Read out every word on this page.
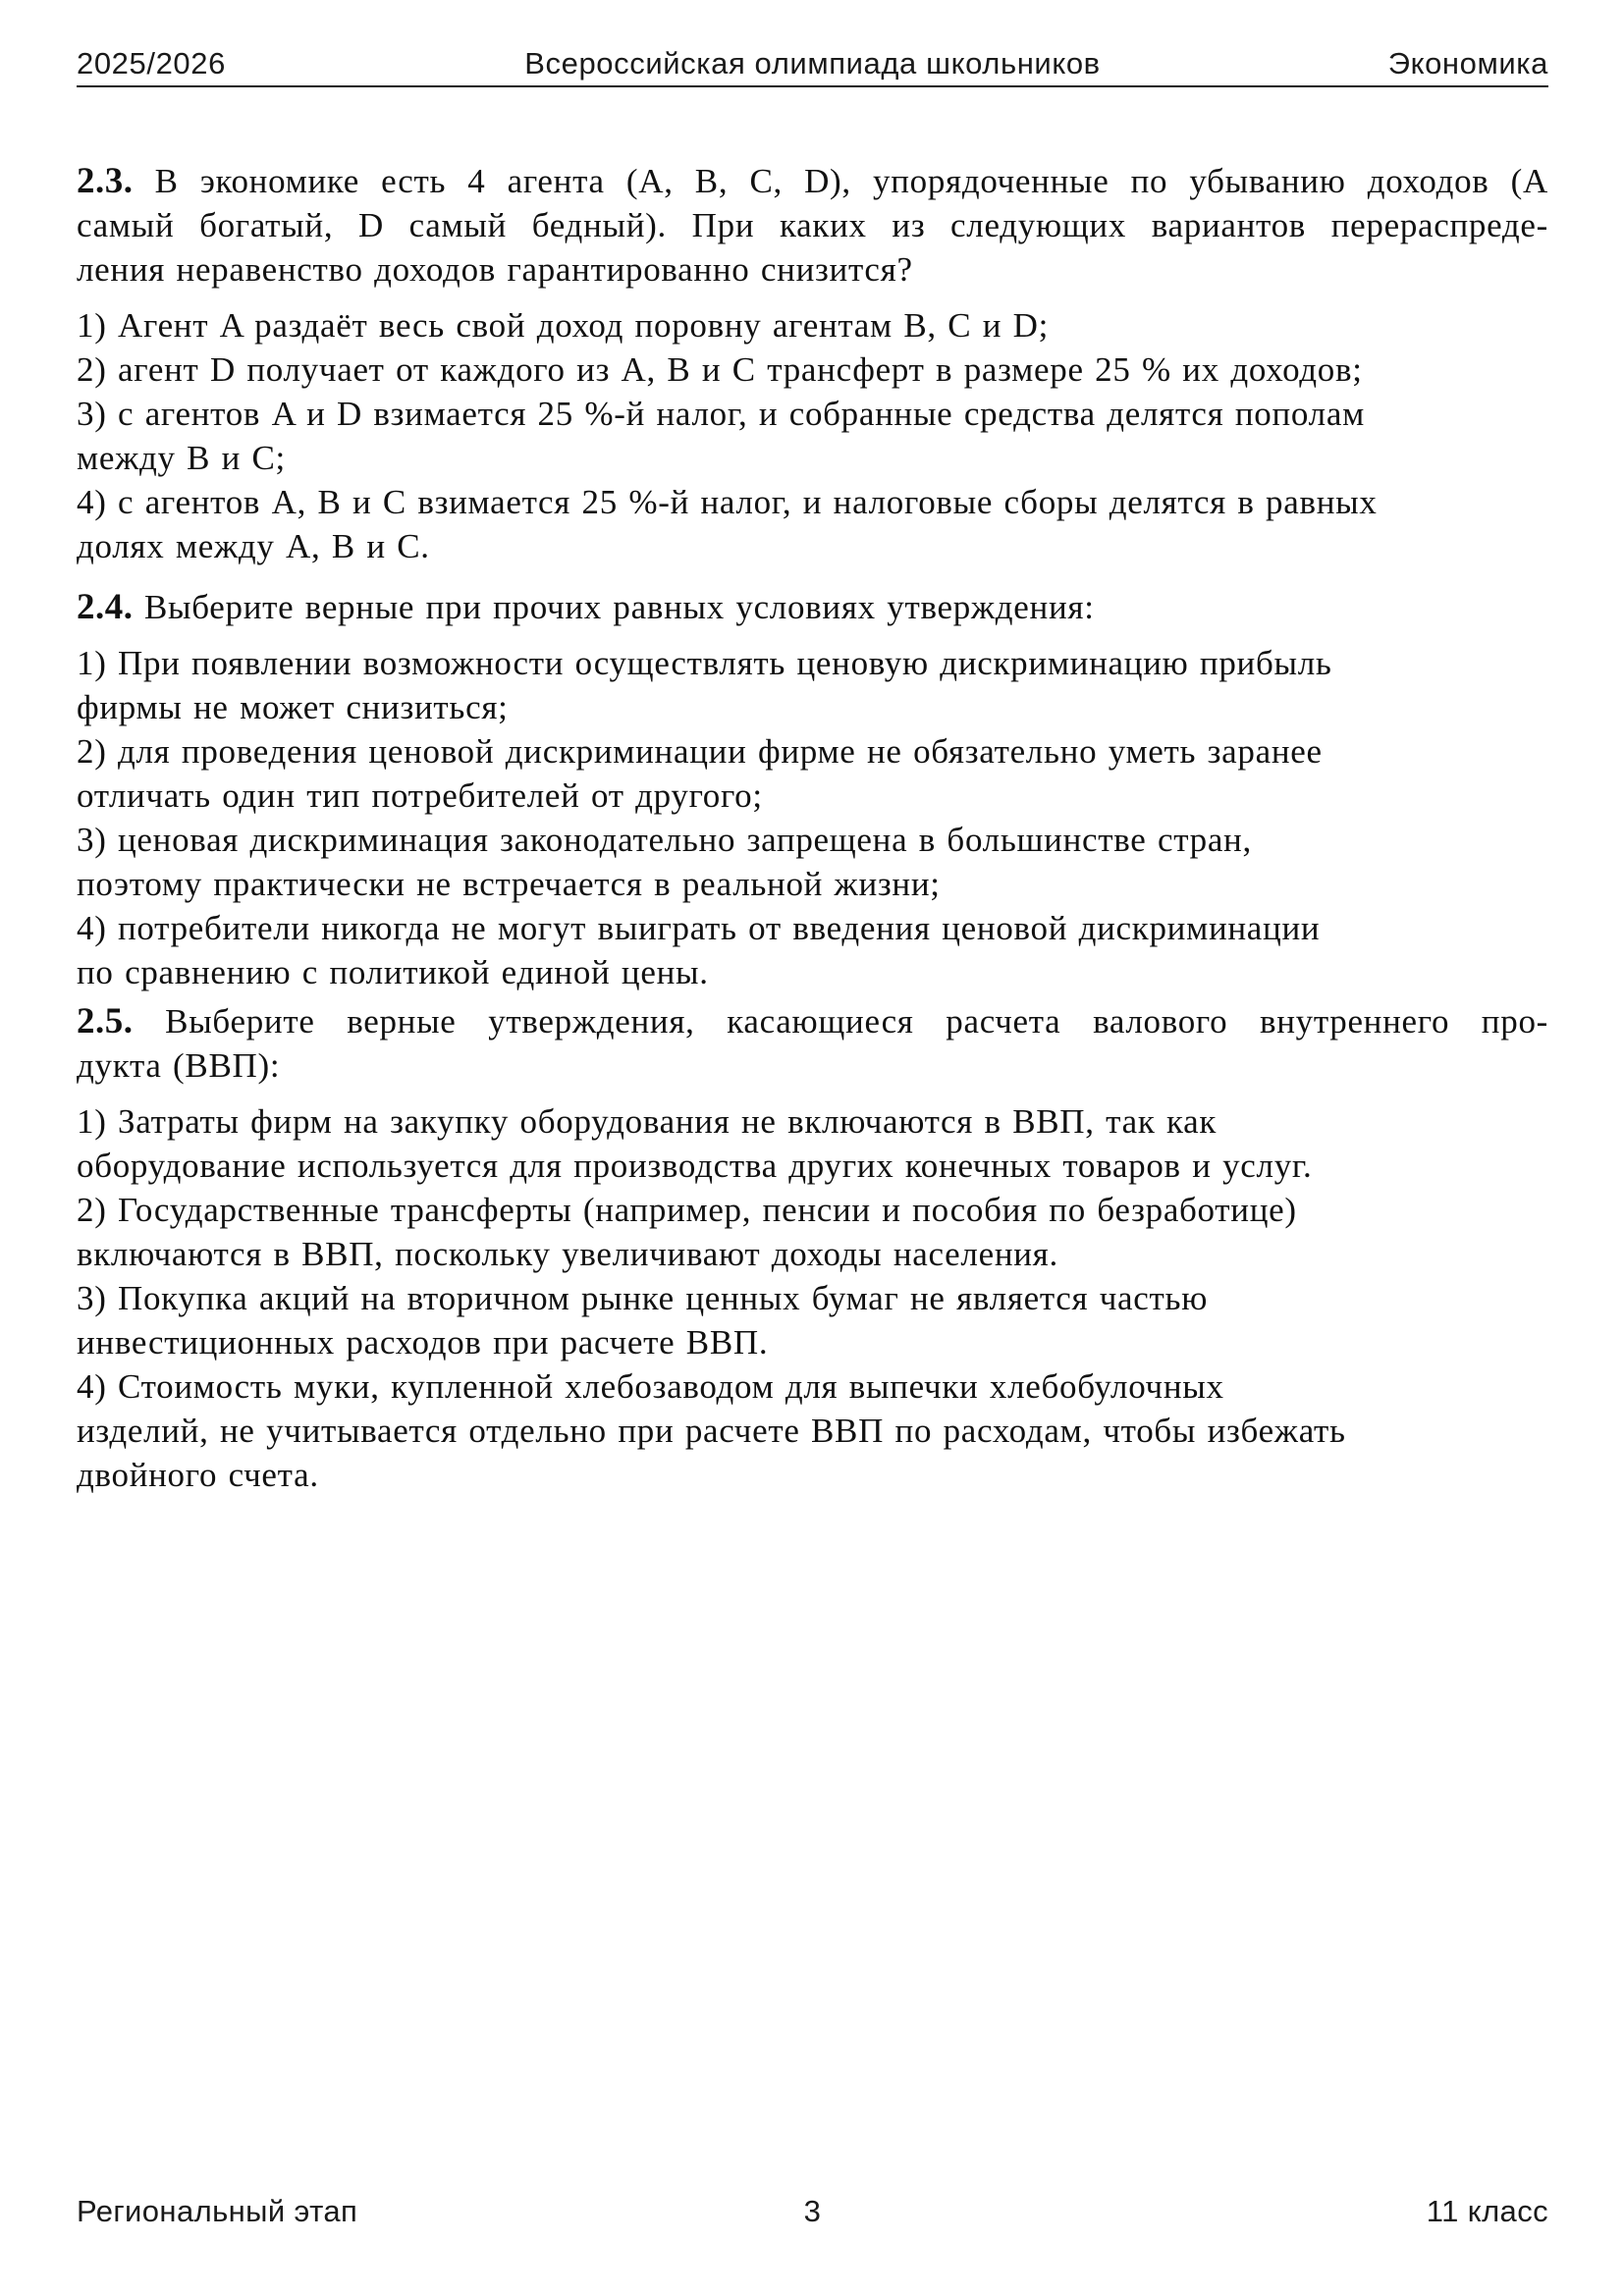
2025/2026	Всероссийская олимпиада школьников	Экономика
2.3. В экономике есть 4 агента (A, B, C, D), упорядоченные по убыванию доходов (A
самый богатый, D самый бедный). При каких из следующих вариантов перераспреде-
ления неравенство доходов гарантированно снизится?
1) Агент A раздаёт весь свой доход поровну агентам B, C и D;
2) агент D получает от каждого из A, B и C трансферт в размере 25 % их доходов;
3) с агентов A и D взимается 25 %-й налог, и собранные средства делятся пополам
между B и C;
4) с агентов A, B и C взимается 25 %-й налог, и налоговые сборы делятся в равных
долях между A, B и C.
2.4. Выберите верные при прочих равных условиях утверждения:
1) При появлении возможности осуществлять ценовую дискриминацию прибыль
фирмы не может снизиться;
2) для проведения ценовой дискриминации фирме не обязательно уметь заранее
отличать один тип потребителей от другого;
3) ценовая дискриминация законодательно запрещена в большинстве стран,
поэтому практически не встречается в реальной жизни;
4) потребители никогда не могут выиграть от введения ценовой дискриминации
по сравнению с политикой единой цены.
2.5. Выберите верные утверждения, касающиеся расчета валового внутреннего про-
дукта (ВВП):
1) Затраты фирм на закупку оборудования не включаются в ВВП, так как
оборудование используется для производства других конечных товаров и услуг.
2) Государственные трансферты (например, пенсии и пособия по безработице)
включаются в ВВП, поскольку увеличивают доходы населения.
3) Покупка акций на вторичном рынке ценных бумаг не является частью
инвестиционных расходов при расчете ВВП.
4) Стоимость муки, купленной хлебозаводом для выпечки хлебобулочных
изделий, не учитывается отдельно при расчете ВВП по расходам, чтобы избежать
двойного счета.
Региональный этап	3	11 класс
